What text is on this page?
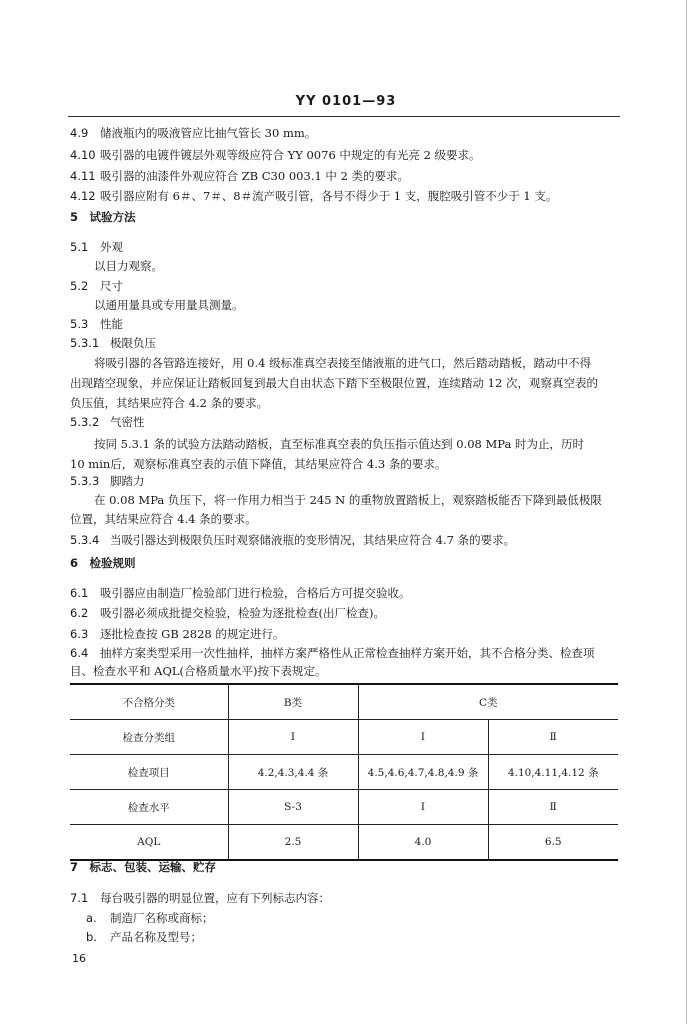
YY 0101—93
4.9 储液瓶内的吸液管应比抽气管长 30 mm。
4.10 吸引器的电镀件镀层外观等级应符合 YY 0076 中规定的有光亮 2 级要求。
4.11 吸引器的油漆件外观应符合 ZB C30 003.1 中 2 类的要求。
4.12 吸引器应附有 6＃、7＃、8＃流产吸引管，各号不得少于 1 支，腹腔吸引管不少于 1 支。
5　试验方法
5.1 外观
以目力观察。
5.2 尺寸
以通用量具或专用量具测量。
5.3 性能
5.3.1 极限负压
将吸引器的各管路连接好，用 0.4 级标准真空表接至储液瓶的进气口，然后踏动踏板，踏动中不得
出现踏空现象，并应保证让踏板回复到最大自由状态下踏下至极限位置，连续踏动 12 次，观察真空表的
负压值，其结果应符合 4.2 条的要求。
5.3.2 气密性
按同 5.3.1 条的试验方法踏动踏板，直至标准真空表的负压指示值达到 0.08 MPa 时为止，历时
10 min后，观察标准真空表的示值下降值，其结果应符合 4.3 条的要求。
5.3.3 脚踏力
在 0.08 MPa 负压下，将一作用力相当于 245 N 的重物放置踏板上，观察踏板能否下降到最低极限
位置，其结果应符合 4.4 条的要求。
5.3.4 当吸引器达到极限负压时观察储液瓶的变形情况，其结果应符合 4.7 条的要求。
6　检验规则
6.1 吸引器应由制造厂检验部门进行检验，合格后方可提交验收。
6.2 吸引器必须成批提交检验，检验为逐批检查(出厂检查)。
6.3 逐批检查按 GB 2828 的规定进行。
6.4 抽样方案类型采用一次性抽样，抽样方案严格性从正常检查抽样方案开始，其不合格分类、检查项
目、检查水平和 AQL(合格质量水平)按下表规定。
不合格分类	B类	C类	
检查分类组	Ⅰ	Ⅰ	Ⅱ
检查项目	4.2,4.3,4.4 条	4.5,4.6,4.7,4.8,4.9 条	4.10,4.11,4.12 条
检查水平	S-3	Ⅰ	Ⅱ
AQL	2.5	4.0	6.5
7　标志、包装、运输、贮存
7.1 每台吸引器的明显位置，应有下列标志内容：
a. 制造厂名称或商标；
b. 产品名称及型号；
16
